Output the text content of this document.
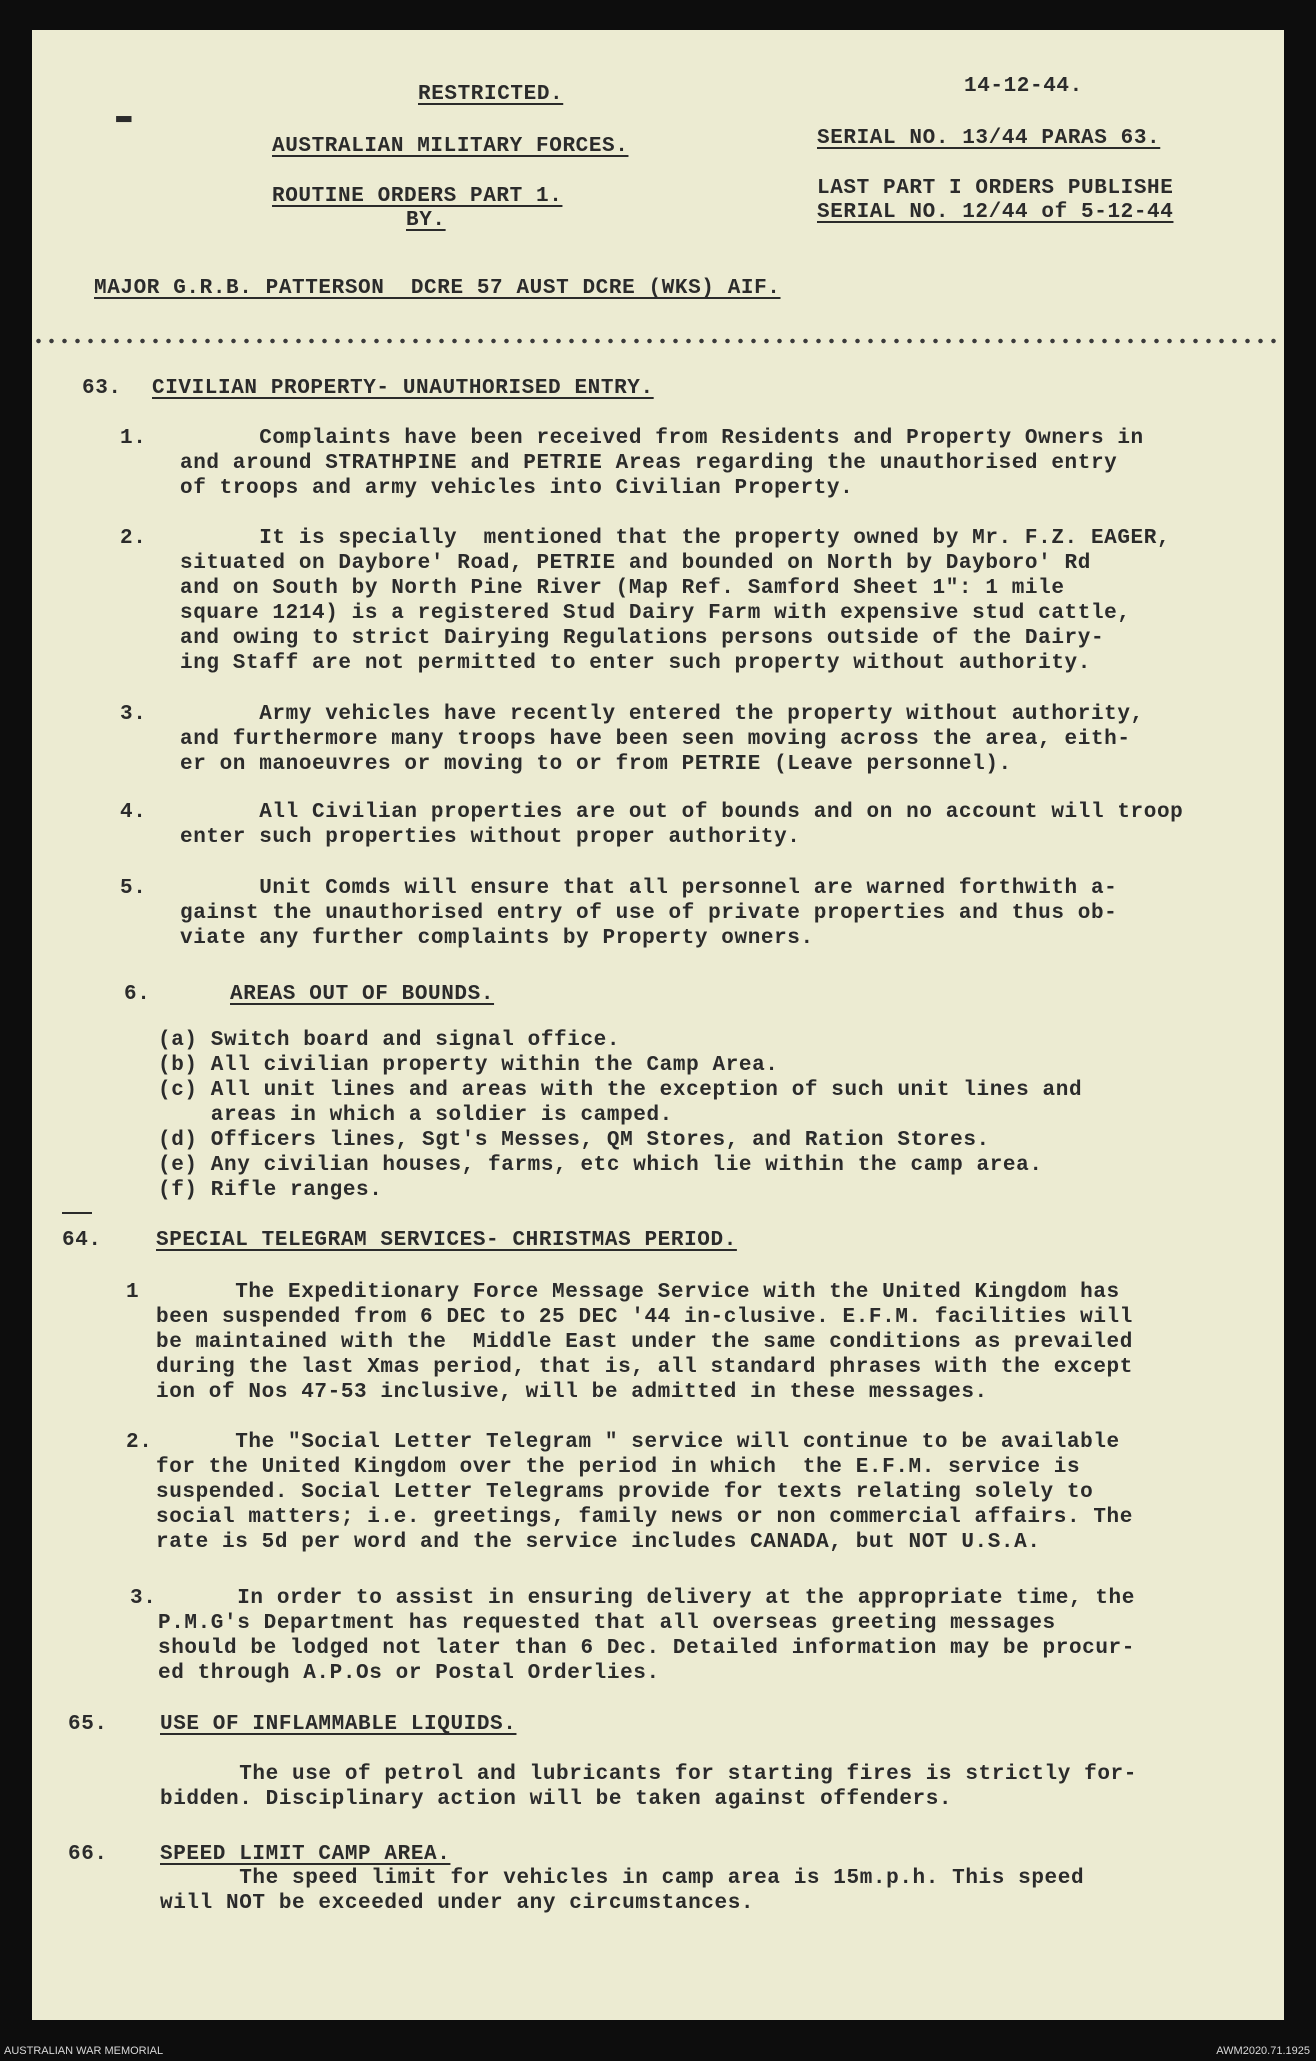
RESTRICTED.
▬
AUSTRALIAN MILITARY FORCES.
ROUTINE ORDERS PART 1.
BY.
14-12-44.
SERIAL NO. 13/44 PARAS 63.
LAST PART I ORDERS PUBLISHE
SERIAL NO. 12/44 of 5-12-44
MAJOR G.R.B. PATTERSON  DCRE 57 AUST DCRE (WKS) AIF.
63. CIVILIAN PROPERTY- UNAUTHORISED ENTRY.
1. Complaints have been received from Residents and Property Owners in
and around STRATHPINE and PETRIE Areas regarding the unauthorised entry
of troops and army vehicles into Civilian Property.
2. It is specially  mentioned that the property owned by Mr. F.Z. EAGER,
situated on Daybore' Road, PETRIE and bounded on North by Dayboro' Rd
and on South by North Pine River (Map Ref. Samford Sheet 1": 1 mile
square 1214) is a registered Stud Dairy Farm with expensive stud cattle,
and owing to strict Dairying Regulations persons outside of the Dairy-
ing Staff are not permitted to enter such property without authority.
3. Army vehicles have recently entered the property without authority,
and furthermore many troops have been seen moving across the area, eith-
er on manoeuvres or moving to or from PETRIE (Leave personnel).
4. All Civilian properties are out of bounds and on no account will troop
enter such properties without proper authority.
5. Unit Comds will ensure that all personnel are warned forthwith a-
gainst the unauthorised entry of use of private properties and thus ob-
viate any further complaints by Property owners.
6.	AREAS OUT OF BOUNDS.
(a) Switch board and signal office.
(b) All civilian property within the Camp Area.
(c) All unit lines and areas with the exception of such unit lines and
areas in which a soldier is camped.
(d) Officers lines, Sgt's Messes, QM Stores, and Ration Stores.
(e) Any civilian houses, farms, etc which lie within the camp area.
(f) Rifle ranges.
64.	SPECIAL TELEGRAM SERVICES- CHRISTMAS PERIOD.
1 The Expeditionary Force Message Service with the United Kingdom has
been suspended from 6 DEC to 25 DEC '44 in-clusive. E.F.M. facilities will
be maintained with the  Middle East under the same conditions as prevailed
during the last Xmas period, that is, all standard phrases with the except
ion of Nos 47-53 inclusive, will be admitted in these messages.
2. The "Social Letter Telegram " service will continue to be available
for the United Kingdom over the period in which  the E.F.M. service is
suspended. Social Letter Telegrams provide for texts relating solely to
social matters; i.e. greetings, family news or non commercial affairs. The
rate is 5d per word and the service includes CANADA, but NOT U.S.A.
3. In order to assist in ensuring delivery at the appropriate time, the
P.M.G's Department has requested that all overseas greeting messages
should be lodged not later than 6 Dec. Detailed information may be procur-
ed through A.P.Os or Postal Orderlies.
65. USE OF INFLAMMABLE LIQUIDS.
The use of petrol and lubricants for starting fires is strictly for-
bidden. Disciplinary action will be taken against offenders.
66. SPEED LIMIT CAMP AREA.
The speed limit for vehicles in camp area is 15m.p.h. This speed
will NOT be exceeded under any circumstances.
AUSTRALIAN WAR MEMORIAL	AWM2020.71.1925
